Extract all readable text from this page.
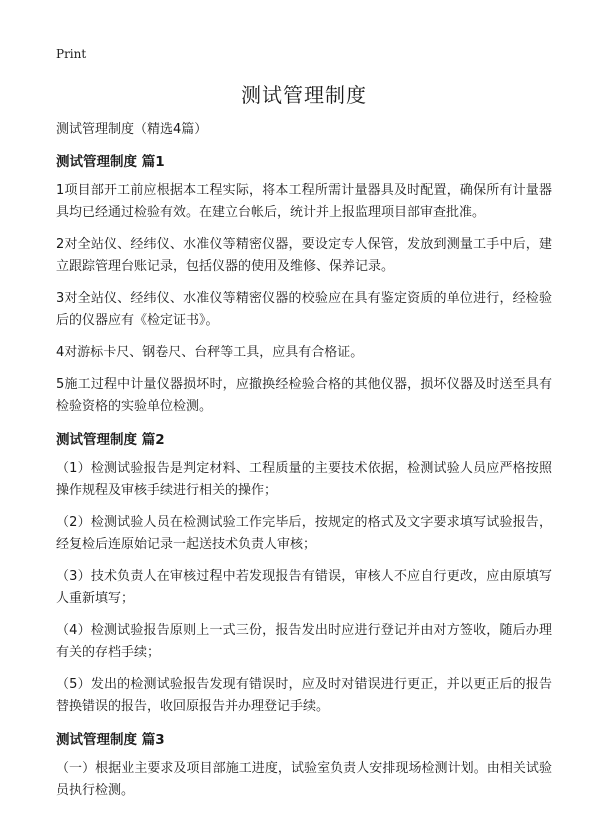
Print

测试管理制度

测试管理制度（精选4篇）

测试管理制度 篇1

1项目部开工前应根据本工程实际，将本工程所需计量器具及时配置，确保所有计量器具均已经通过检验有效。在建立台帐后，统计并上报监理项目部审查批准。

2对全站仪、经纬仪、水准仪等精密仪器，要设定专人保管，发放到测量工手中后，建立跟踪管理台账记录，包括仪器的使用及维修、保养记录。

3对全站仪、经纬仪、水准仪等精密仪器的校验应在具有鉴定资质的单位进行，经检验后的仪器应有《检定证书》。

4对游标卡尺、钢卷尺、台秤等工具，应具有合格证。

5施工过程中计量仪器损坏时，应撤换经检验合格的其他仪器，损坏仪器及时送至具有检验资格的实验单位检测。

测试管理制度 篇2

（1）检测试验报告是判定材料、工程质量的主要技术依据，检测试验人员应严格按照操作规程及审核手续进行相关的操作；

（2）检测试验人员在检测试验工作完毕后，按规定的格式及文字要求填写试验报告，经复检后连原始记录一起送技术负责人审核；

（3）技术负责人在审核过程中若发现报告有错误，审核人不应自行更改，应由原填写人重新填写；

（4）检测试验报告原则上一式三份，报告发出时应进行登记并由对方签收，随后办理有关的存档手续；

（5）发出的检测试验报告发现有错误时，应及时对错误进行更正，并以更正后的报告替换错误的报告，收回原报告并办理登记手续。

测试管理制度 篇3

（一）根据业主要求及项目部施工进度，试验室负责人安排现场检测计划。由相关试验员执行检测。
